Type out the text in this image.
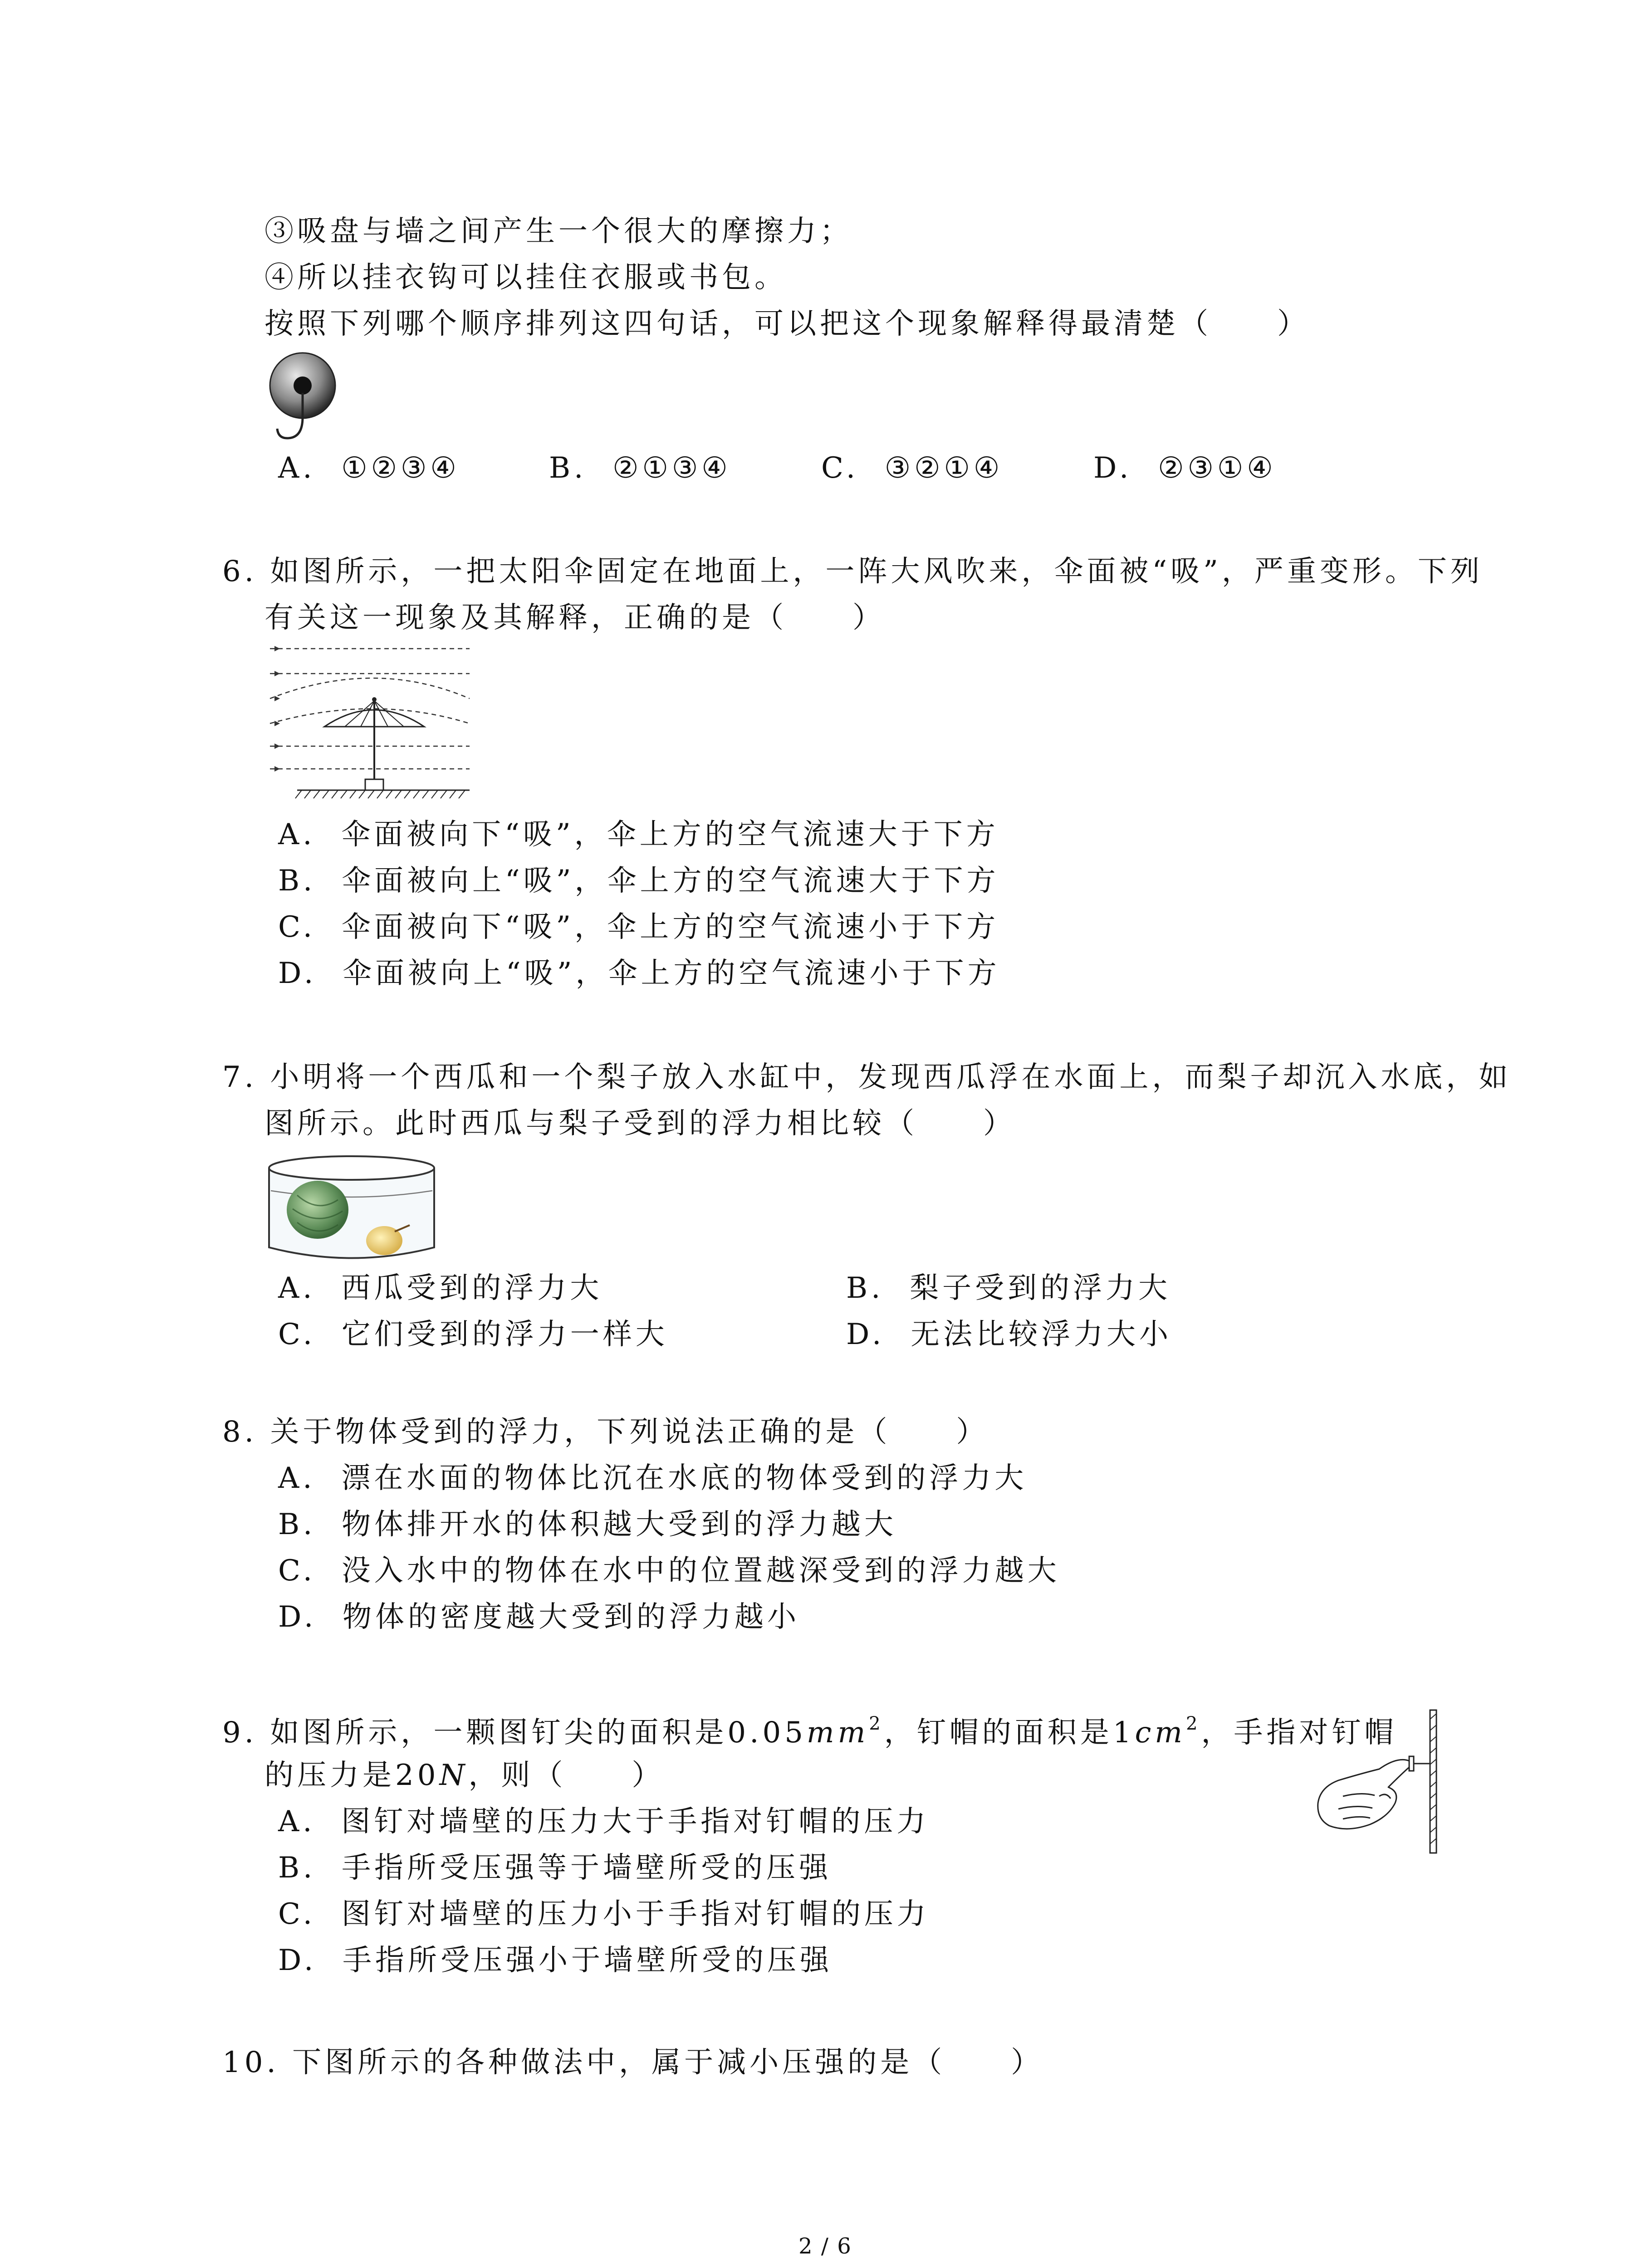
③吸盘与墙之间产生一个很大的摩擦力；
④所以挂衣钩可以挂住衣服或书包。
按照下列哪个顺序排列这四句话，可以把这个现象解释得最清楚（　　）
A. ①②③④	B. ②①③④	C. ③②①④	D. ②③①④
6. 如图所示，一把太阳伞固定在地面上，一阵大风吹来，伞面被“吸”，严重变形。下列
有关这一现象及其解释，正确的是（　　）
A. 伞面被向下“吸”，伞上方的空气流速大于下方
B. 伞面被向上“吸”，伞上方的空气流速大于下方
C. 伞面被向下“吸”，伞上方的空气流速小于下方
D. 伞面被向上“吸”，伞上方的空气流速小于下方
7. 小明将一个西瓜和一个梨子放入水缸中，发现西瓜浮在水面上，而梨子却沉入水底，如
图所示。此时西瓜与梨子受到的浮力相比较（　　）
A. 西瓜受到的浮力大	B. 梨子受到的浮力大
C. 它们受到的浮力一样大	D. 无法比较浮力大小
8. 关于物体受到的浮力，下列说法正确的是（　　）
A. 漂在水面的物体比沉在水底的物体受到的浮力大
B. 物体排开水的体积越大受到的浮力越大
C. 没入水中的物体在水中的位置越深受到的浮力越大
D. 物体的密度越大受到的浮力越小
9. 如图所示，一颗图钉尖的面积是$0.05mm^2$，钉帽的面积是$1cm^2$，手指对钉帽
的压力是20N，则（　　）
A. 图钉对墙壁的压力大于手指对钉帽的压力
B. 手指所受压强等于墙壁所受的压强
C. 图钉对墙壁的压力小于手指对钉帽的压力
D. 手指所受压强小于墙壁所受的压强
10. 下图所示的各种做法中，属于减小压强的是（　　）
2 / 6
